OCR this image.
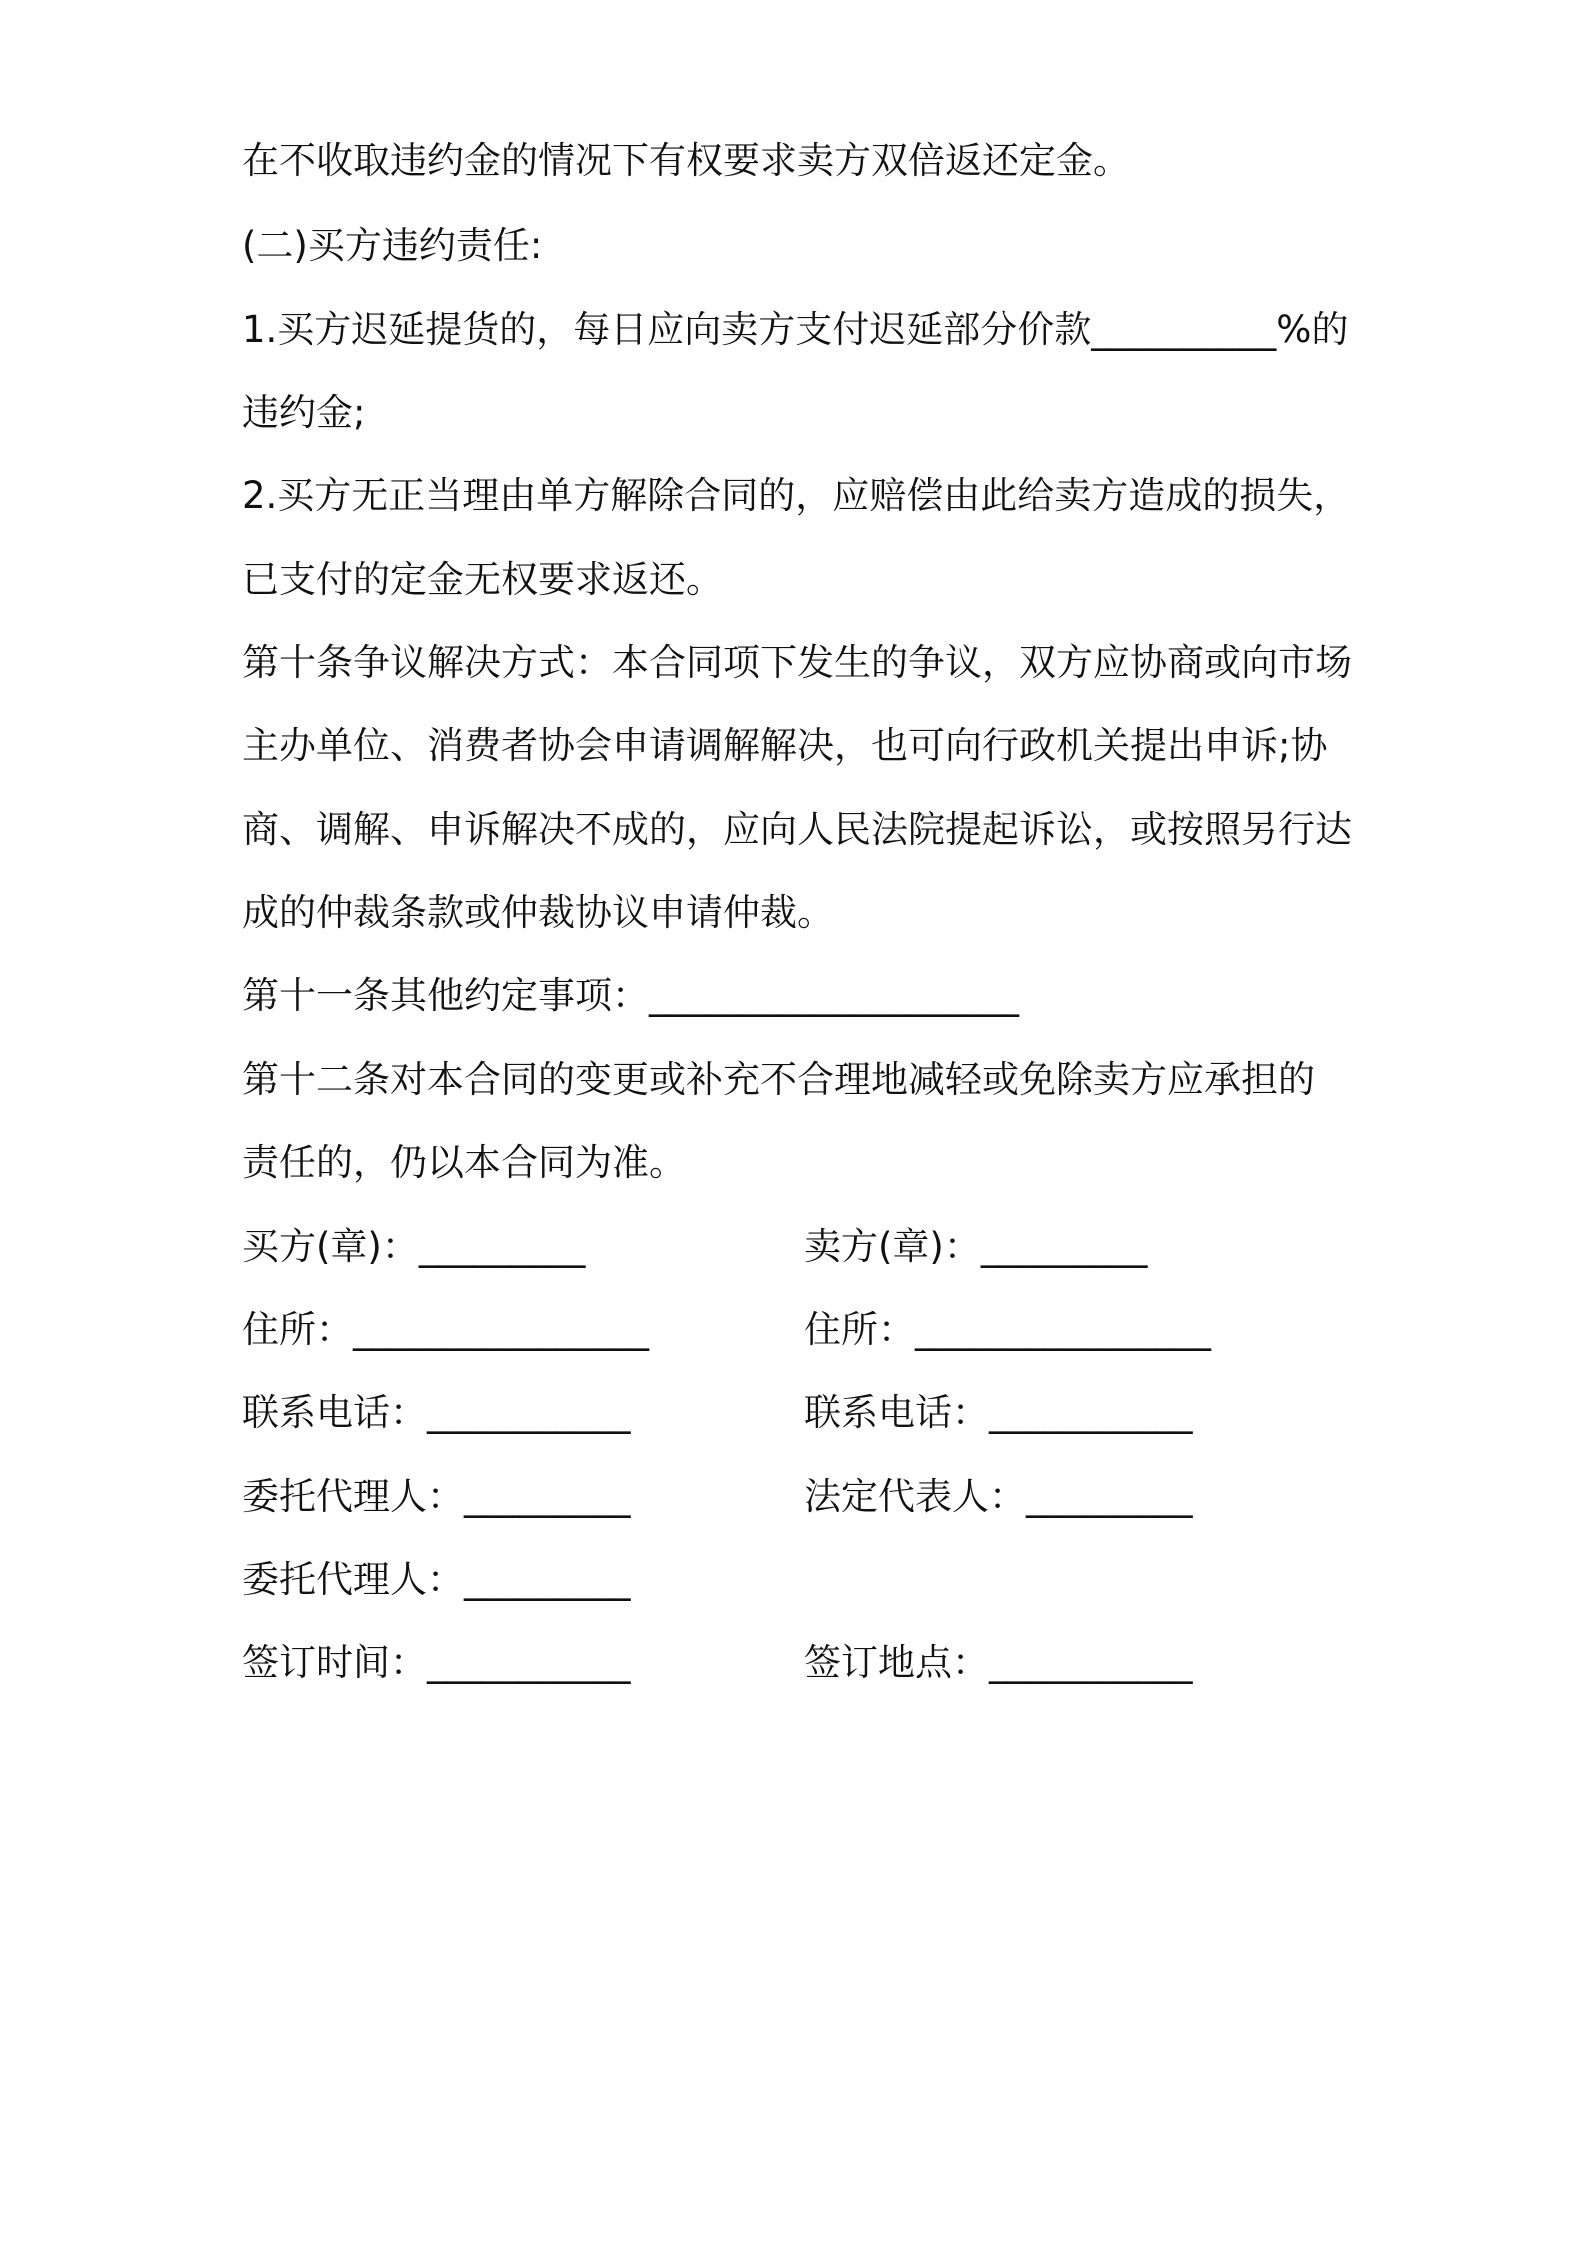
在不收取违约金的情况下有权要求卖方双倍返还定金。
(二)买方违约责任:
1.买方迟延提货的，每日应向卖方支付迟延部分价款__________%的
违约金;
2.买方无正当理由单方解除合同的，应赔偿由此给卖方造成的损失，
已支付的定金无权要求返还。
第十条争议解决方式：本合同项下发生的争议，双方应协商或向市场
主办单位、消费者协会申请调解解决，也可向行政机关提出申诉;协
商、调解、申诉解决不成的，应向人民法院提起诉讼，或按照另行达
成的仲裁条款或仲裁协议申请仲裁。
第十一条其他约定事项：____________________
第十二条对本合同的变更或补充不合理地减轻或免除卖方应承担的
责任的，仍以本合同为准。
买方(章)：_________	卖方(章)：_________
住所：________________	住所：________________
联系电话：___________	联系电话：___________
委托代理人：_________	法定代表人：_________
委托代理人：_________
签订时间：___________	签订地点：___________
